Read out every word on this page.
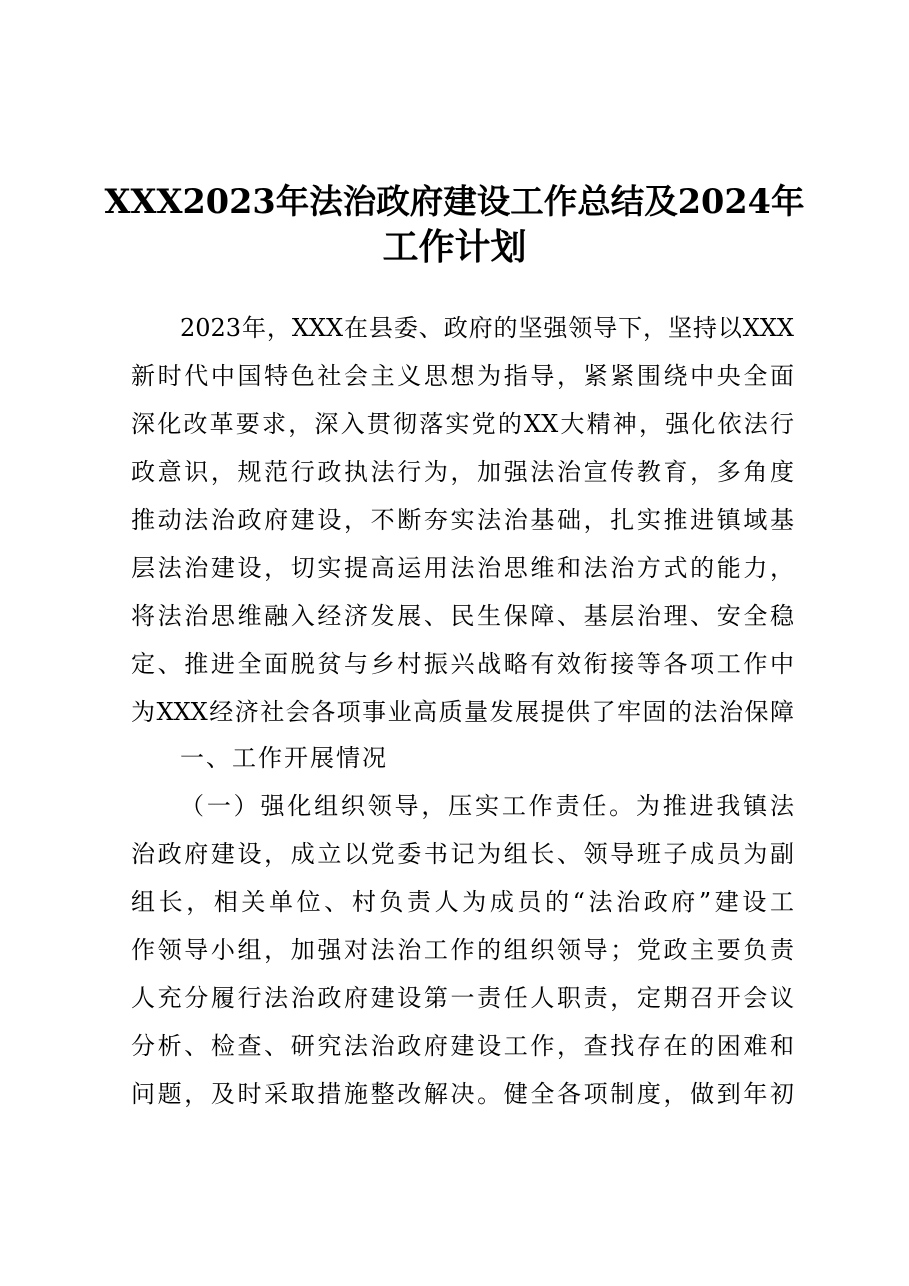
XXX2023年法治政府建设工作总结及2024年
工作计划
2023年，XXX在县委、政府的坚强领导下，坚持以XXX
新时代中国特色社会主义思想为指导，紧紧围绕中央全面
深化改革要求，深入贯彻落实党的XX大精神，强化依法行
政意识，规范行政执法行为，加强法治宣传教育，多角度
推动法治政府建设，不断夯实法治基础，扎实推进镇域基
层法治建设，切实提高运用法治思维和法治方式的能力，
将法治思维融入经济发展、民生保障、基层治理、安全稳
定、推进全面脱贫与乡村振兴战略有效衔接等各项工作中
为XXX经济社会各项事业高质量发展提供了牢固的法治保障
一、工作开展情况
（一）强化组织领导，压实工作责任。为推进我镇法
治政府建设，成立以党委书记为组长、领导班子成员为副
组长，相关单位、村负责人为成员的“法治政府”建设工
作领导小组，加强对法治工作的组织领导；党政主要负责
人充分履行法治政府建设第一责任人职责，定期召开会议
分析、检查、研究法治政府建设工作，查找存在的困难和
问题，及时采取措施整改解决。健全各项制度，做到年初
